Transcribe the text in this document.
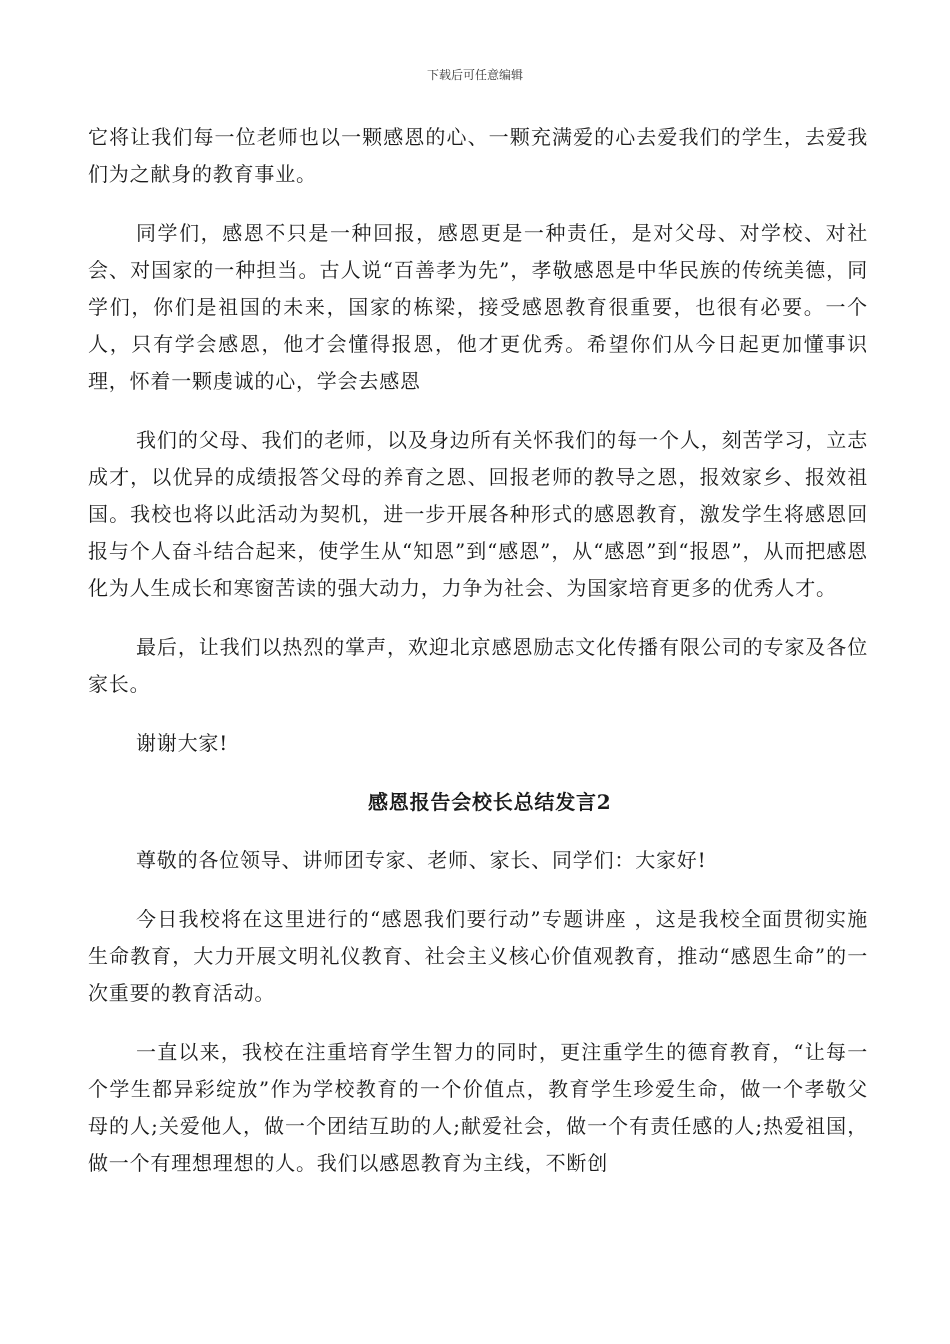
下载后可任意编辑

它将让我们每一位老师也以一颗感恩的心、一颗充满爱的心去爱我们的学生，去爱我们为之献身的教育事业。

同学们，感恩不只是一种回报，感恩更是一种责任，是对父母、对学校、对社会、对国家的一种担当。古人说“百善孝为先”，孝敬感恩是中华民族的传统美德，同学们，你们是祖国的未来，国家的栋梁，接受感恩教育很重要，也很有必要。一个人，只有学会感恩，他才会懂得报恩，他才更优秀。希望你们从今日起更加懂事识理，怀着一颗虔诚的心，学会去感恩

我们的父母、我们的老师，以及身边所有关怀我们的每一个人，刻苦学习，立志成才，以优异的成绩报答父母的养育之恩、回报老师的教导之恩，报效家乡、报效祖国。我校也将以此活动为契机，进一步开展各种形式的感恩教育，激发学生将感恩回报与个人奋斗结合起来，使学生从“知恩”到“感恩”，从“感恩”到“报恩”，从而把感恩化为人生成长和寒窗苦读的强大动力，力争为社会、为国家培育更多的优秀人才。

最后，让我们以热烈的掌声，欢迎北京感恩励志文化传播有限公司的专家及各位家长。

谢谢大家!

感恩报告会校长总结发言2

尊敬的各位领导、讲师团专家、老师、家长、同学们：大家好!

今日我校将在这里进行的“感恩我们要行动”专题讲座 ，这是我校全面贯彻实施生命教育，大力开展文明礼仪教育、社会主义核心价值观教育，推动“感恩生命”的一次重要的教育活动。

一直以来，我校在注重培育学生智力的同时，更注重学生的德育教育，“让每一个学生都异彩绽放”作为学校教育的一个价值点，教育学生珍爱生命，做一个孝敬父母的人;关爱他人，做一个团结互助的人;献爱社会，做一个有责任感的人;热爱祖国，做一个有理想理想的人。我们以感恩教育为主线，不断创
